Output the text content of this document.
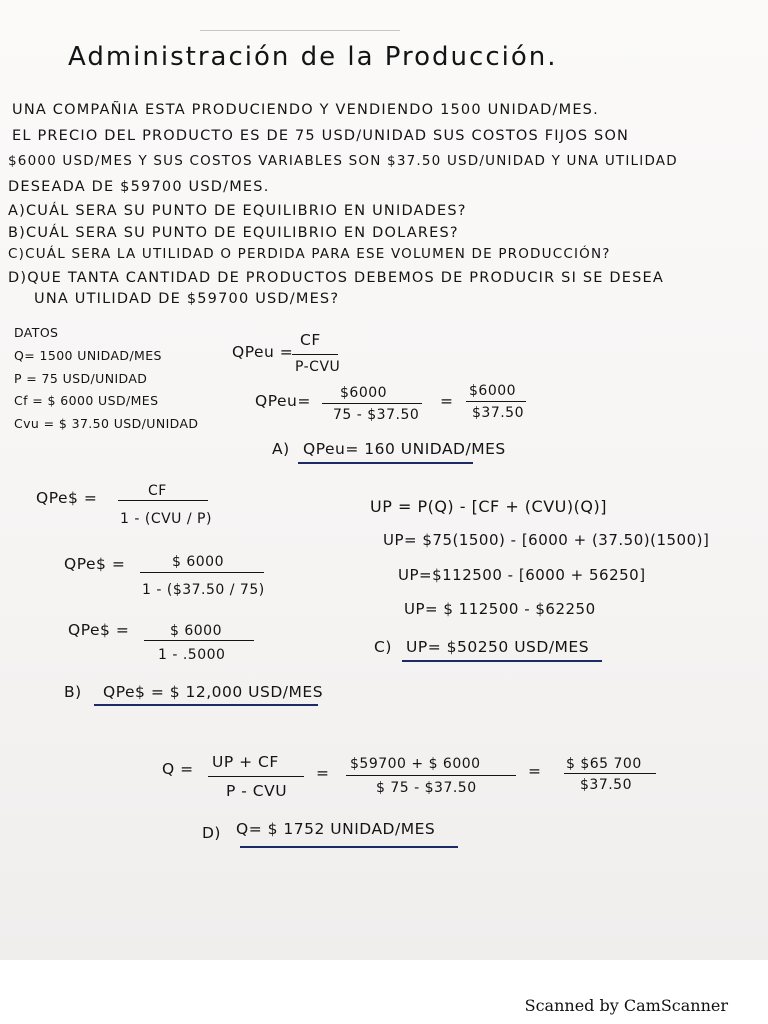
Administración de la Producción.
UNA COMPAÑIA ESTA PRODUCIENDO Y VENDIENDO 1500 UNIDAD/MES.
EL PRECIO DEL PRODUCTO ES DE 75 USD/UNIDAD SUS COSTOS FIJOS SON
$6000 USD/MES Y SUS COSTOS VARIABLES SON $37.50 USD/UNIDAD Y UNA UTILIDAD
DESEADA DE $59700 USD/MES.
A)CUÁL SERA SU PUNTO DE EQUILIBRIO EN UNIDADES?
B)CUÁL SERA SU PUNTO DE EQUILIBRIO EN DOLARES?
C)CUÁL SERA LA UTILIDAD O PERDIDA PARA ESE VOLUMEN DE PRODUCCIÓN?
D)QUE TANTA CANTIDAD DE PRODUCTOS DEBEMOS DE PRODUCIR SI SE DESEA
UNA UTILIDAD DE $59700 USD/MES?
DATOS
Q= 1500 UNIDAD/MES
P = 75 USD/UNIDAD
Cf = $ 6000 USD/MES
Cvu = $ 37.50 USD/UNIDAD
QPeu =
CF
P-CVU
QPeu= $6000
75 - $37.50
=
$6000
$37.50
A) QPeu= 160 UNIDAD/MES
QPe$ =	CF
1 - (CVU / P)
QPe$ =	$ 6000
1 - ($37.50 / 75)
QPe$ =	$ 6000
1 - .5000
B) QPe$ = $ 12,000 USD/MES
UP = P(Q) - [CF + (CVU)(Q)]
UP= $75(1500) - [6000 + (37.50)(1500)]
UP=$112500 - [6000 + 56250]
UP= $ 112500 - $62250
C) UP= $50250 USD/MES
Q = UP + CF
P - CVU
= $59700 + $ 6000
$ 75 - $37.50
= $ $65 700
$37.50
D) Q= $ 1752 UNIDAD/MES
Scanned by CamScanner
